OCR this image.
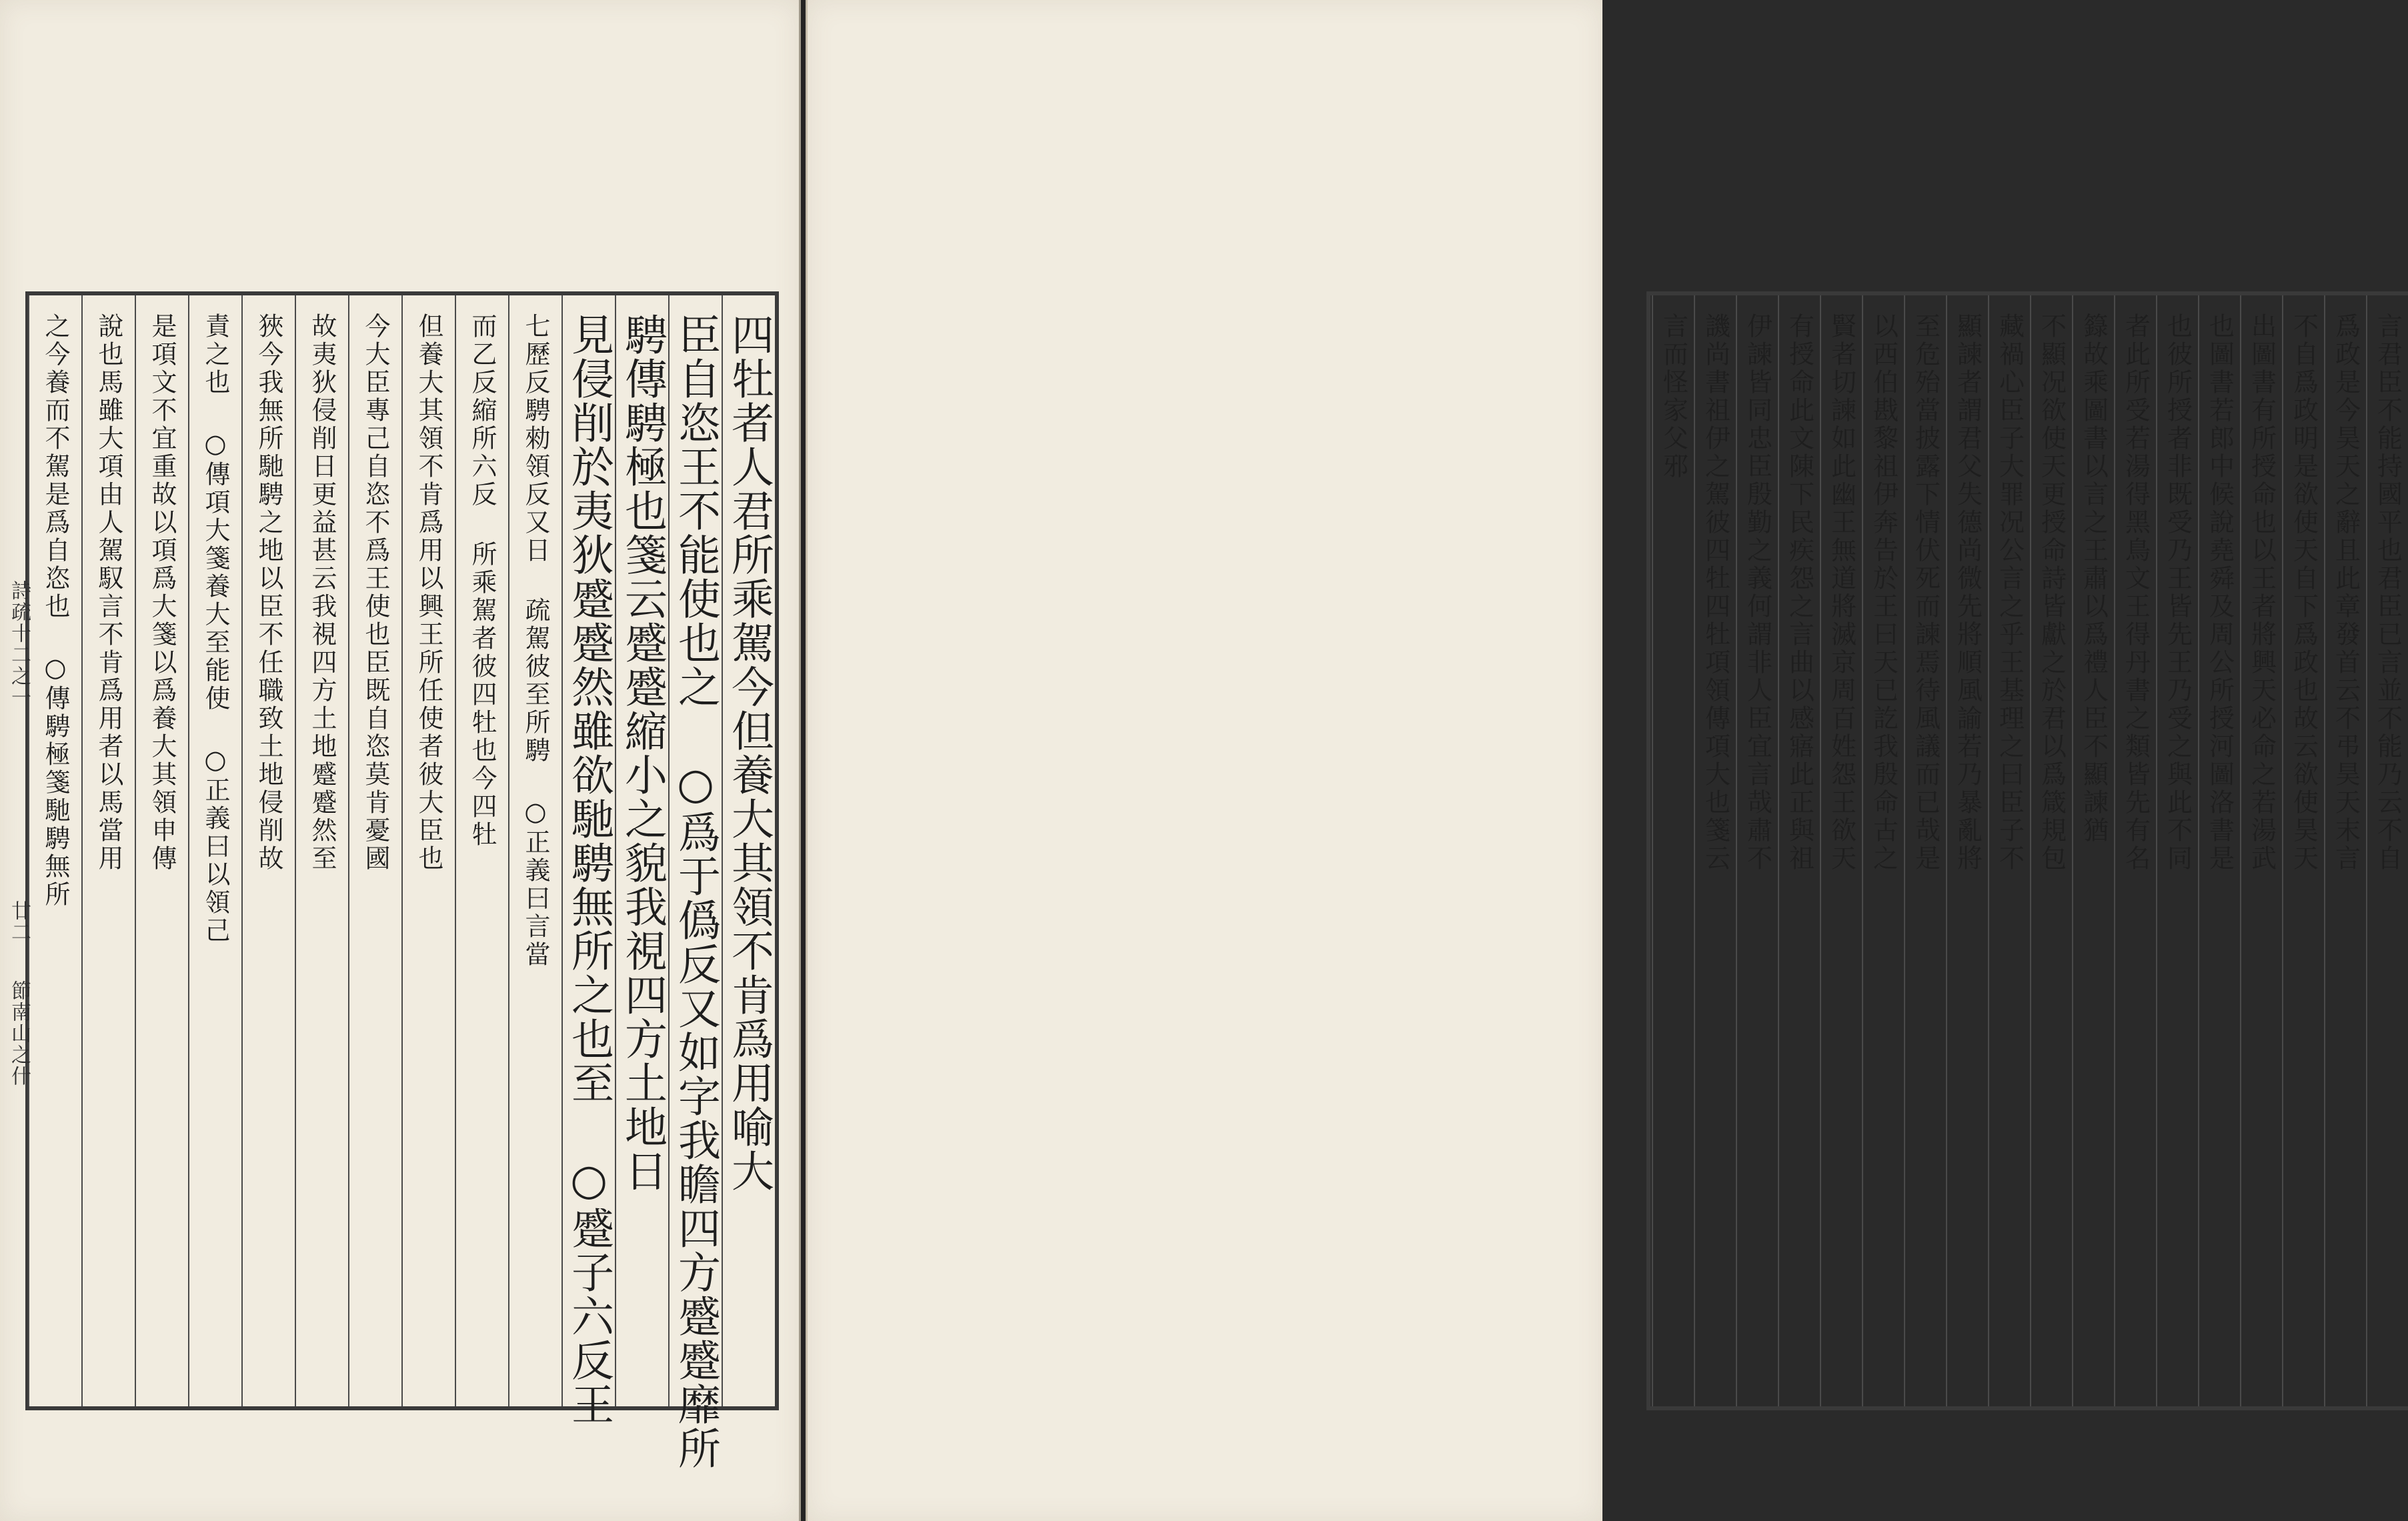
四牡者人君所乘駕今但養大其領不肯爲用喻大
臣自恣王不能使也之 ○爲于僞反又如字我瞻四方蹙蹙靡所
騁傳騁極也箋云蹙蹙縮小之貌我視四方土地日
見侵削於夷狄蹙蹙然雖欲馳騁無所之也至 ○蹙子六反王
七歷反騁勑領反又日 疏駕彼至所騁 ○正義曰言當
而乙反縮所六反 所乘駕者彼四牡也今四牡
但養大其領不肯爲用以興王所任使者彼大臣也
今大臣專己自恣不爲王使也臣既自恣莫肯憂國
故夷狄侵削日更益甚云我視四方土地蹙蹙然至
狹今我無所馳騁之地以臣不任職致土地侵削故
責之也 ○傳項大箋養大至能使 ○正義曰以領己
是項文不宜重故以項爲大箋以爲養大其領申傳
說也馬雖大項由人駕馭言不肯爲用者以馬當用
之今養而不駕是爲自恣也 ○傳騁極箋馳騁無所
詩疏十二之一
廿二
節南山之什
言君臣不能持國平也君臣已言並不能乃云不自
爲政是今昊天之辭且此章發首云不弔昊天末言
不自爲政明是欲使天自下爲政也故云欲使昊天
出圖書有所授命也以王者將興天必命之若湯武
也圖書若郎中候說堯舜及周公所授河圖洛書是
也彼所授者非既受乃王皆先王乃受之與此不同
者此所受若湯得黑鳥文王得丹書之類皆先有名
籙故乘圖書以言之王肅以爲禮人臣不顯諫猶
不顯况欲使天更授命詩皆獻之於君以爲箴規包
藏禍心臣子大罪况公言之乎王基理之曰臣子不
顯諫者謂君父失德尚微先將順風諭若乃暴亂將
至危殆當披露下情伏死而諫焉待風議而已哉是
以西伯戡黎祖伊奔告於王曰天已訖我殷命古之
賢者切諫如此幽王無道將滅京周百姓怨王欲天
有授命此文陳下民疾怨之言曲以感寤此正與祖
伊諫皆同忠臣殷勤之義何謂非人臣宜言哉肅不
譏尚書祖伊之駕彼四牡四牡項領傳項大也箋云
言而怪家父邪
